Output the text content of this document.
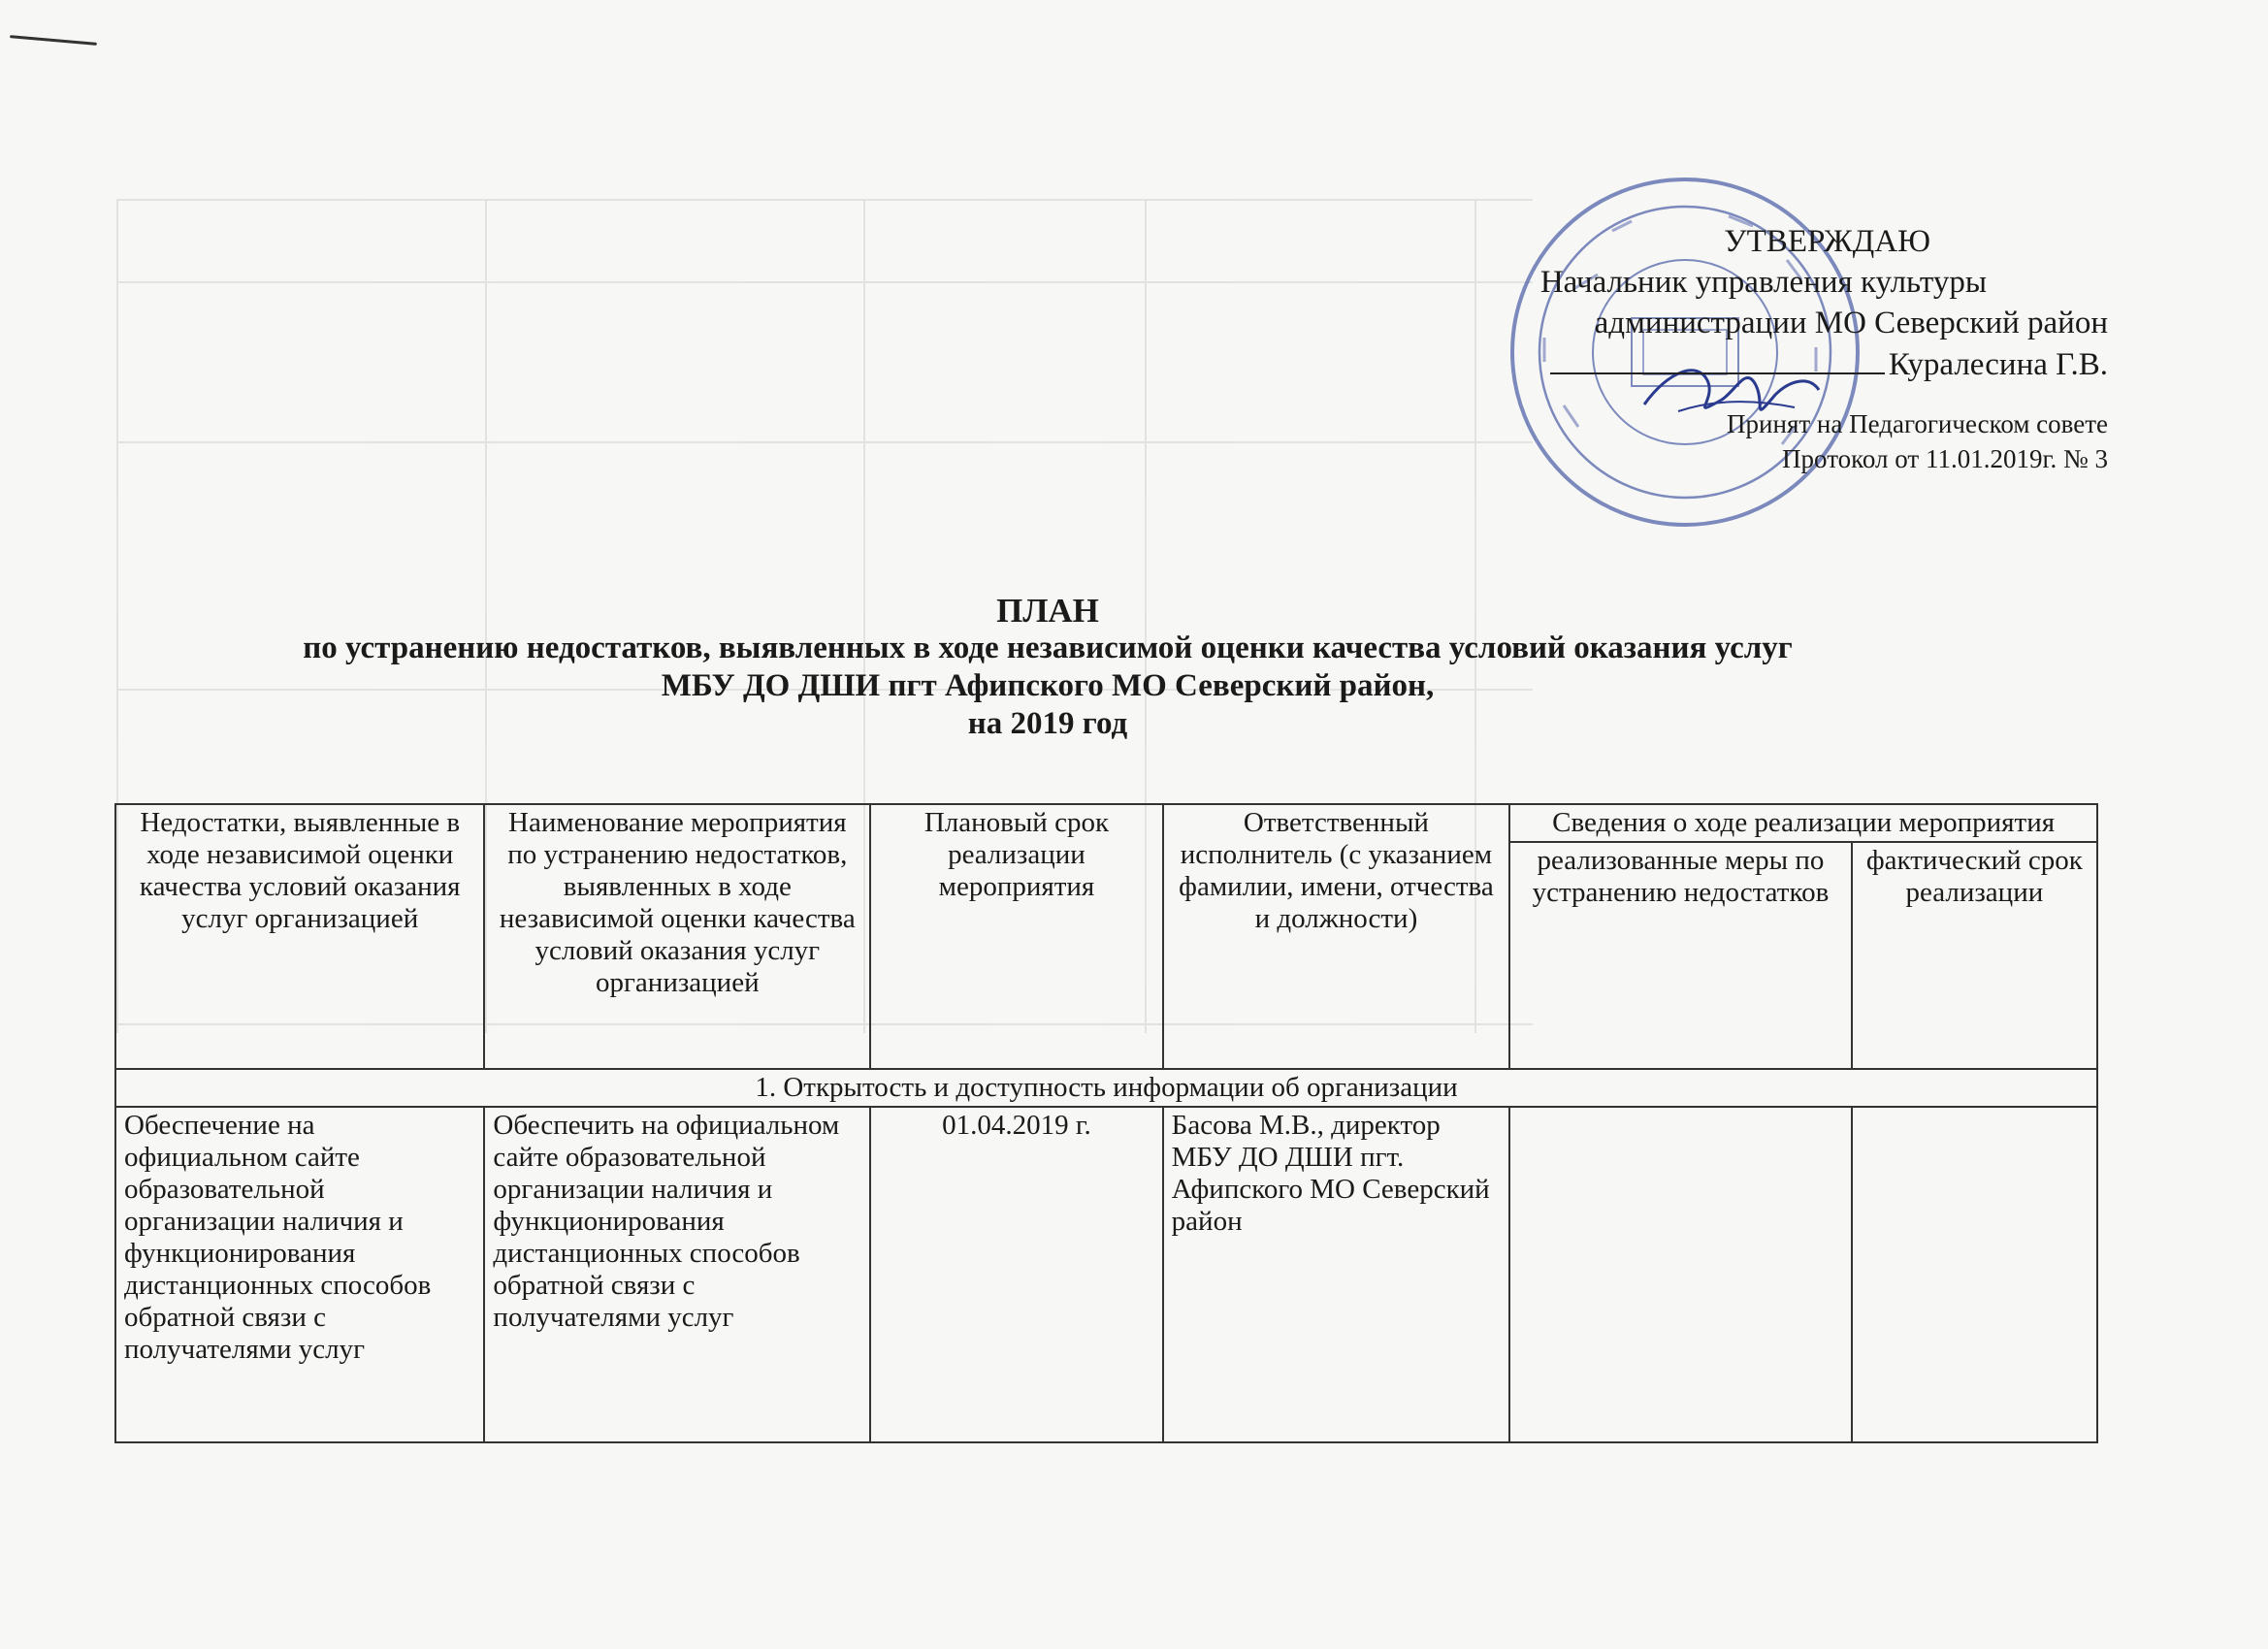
УТВЕРЖДАЮ
Начальник управления культуры
администрации МО Северский район
Куралесина Г.В.
Принят на Педагогическом совете
Протокол от 11.01.2019г. № 3
ПЛАН
по устранению недостатков, выявленных в ходе независимой оценки качества условий оказания услуг
МБУ ДО ДШИ пгт Афипского МО Северский район,
на 2019 год
Недостатки, выявленные в ходе независимой оценки качества условий оказания услуг организацией	Наименование мероприятия по устранению недостатков, выявленных в ходе независимой оценки качества условий оказания услуг организацией	Плановый срок реализации мероприятия	Ответственный исполнитель (с указанием фамилии, имени, отчества и должности)	Сведения о ходе реализации мероприятия	
				реализованные меры по устранению недостатков	фактический срок реализации
1. Открытость и доступность информации об организации					
Обеспечение на официальном сайте образовательной организации наличия и функционирования дистанционных способов обратной связи с получателями услуг	Обеспечить на официальном сайте образовательной организации наличия и функционирования дистанционных способов обратной связи с получателями услуг	01.04.2019 г.	Басова М.В., директор МБУ ДО ДШИ пгт. Афипского МО Северский район		
